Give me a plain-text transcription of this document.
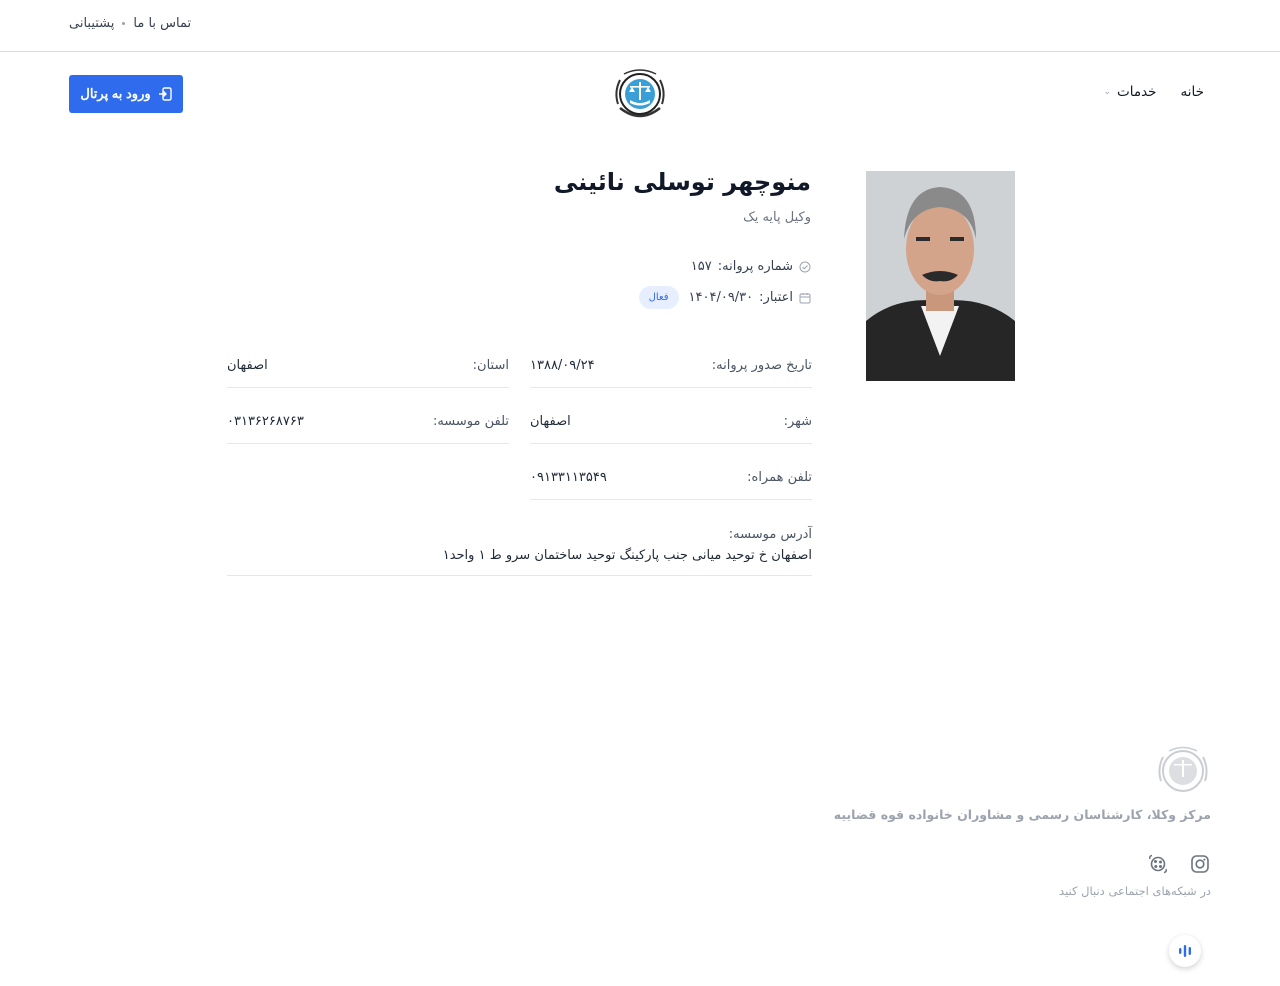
پشتیبانی تماس با ما
خانه
خدمات
⌄
ورود به پرتال
منوچهر توسلی نائینی
وکیل پایه یک
شماره پروانه:
۱۵۷
اعتبار:
۱۴۰۴/۰۹/۳۰
فعال
تاریخ صدور پروانه:
۱۳۸۸/۰۹/۲۴
استان:
اصفهان
شهر:
اصفهان
تلفن موسسه:
۰۳۱۳۶۲۶۸۷۶۳
تلفن همراه:
۰۹۱۳۳۱۱۳۵۴۹
آدرس موسسه:
اصفهان خ توحید میانی جنب پارکینگ توحید ساختمان سرو ط ۱ واحد۱
مرکز وکلا، کارشناسان رسمی و مشاوران خانواده قوه قضاییه
در شبکه‌های اجتماعی دنبال کنید
